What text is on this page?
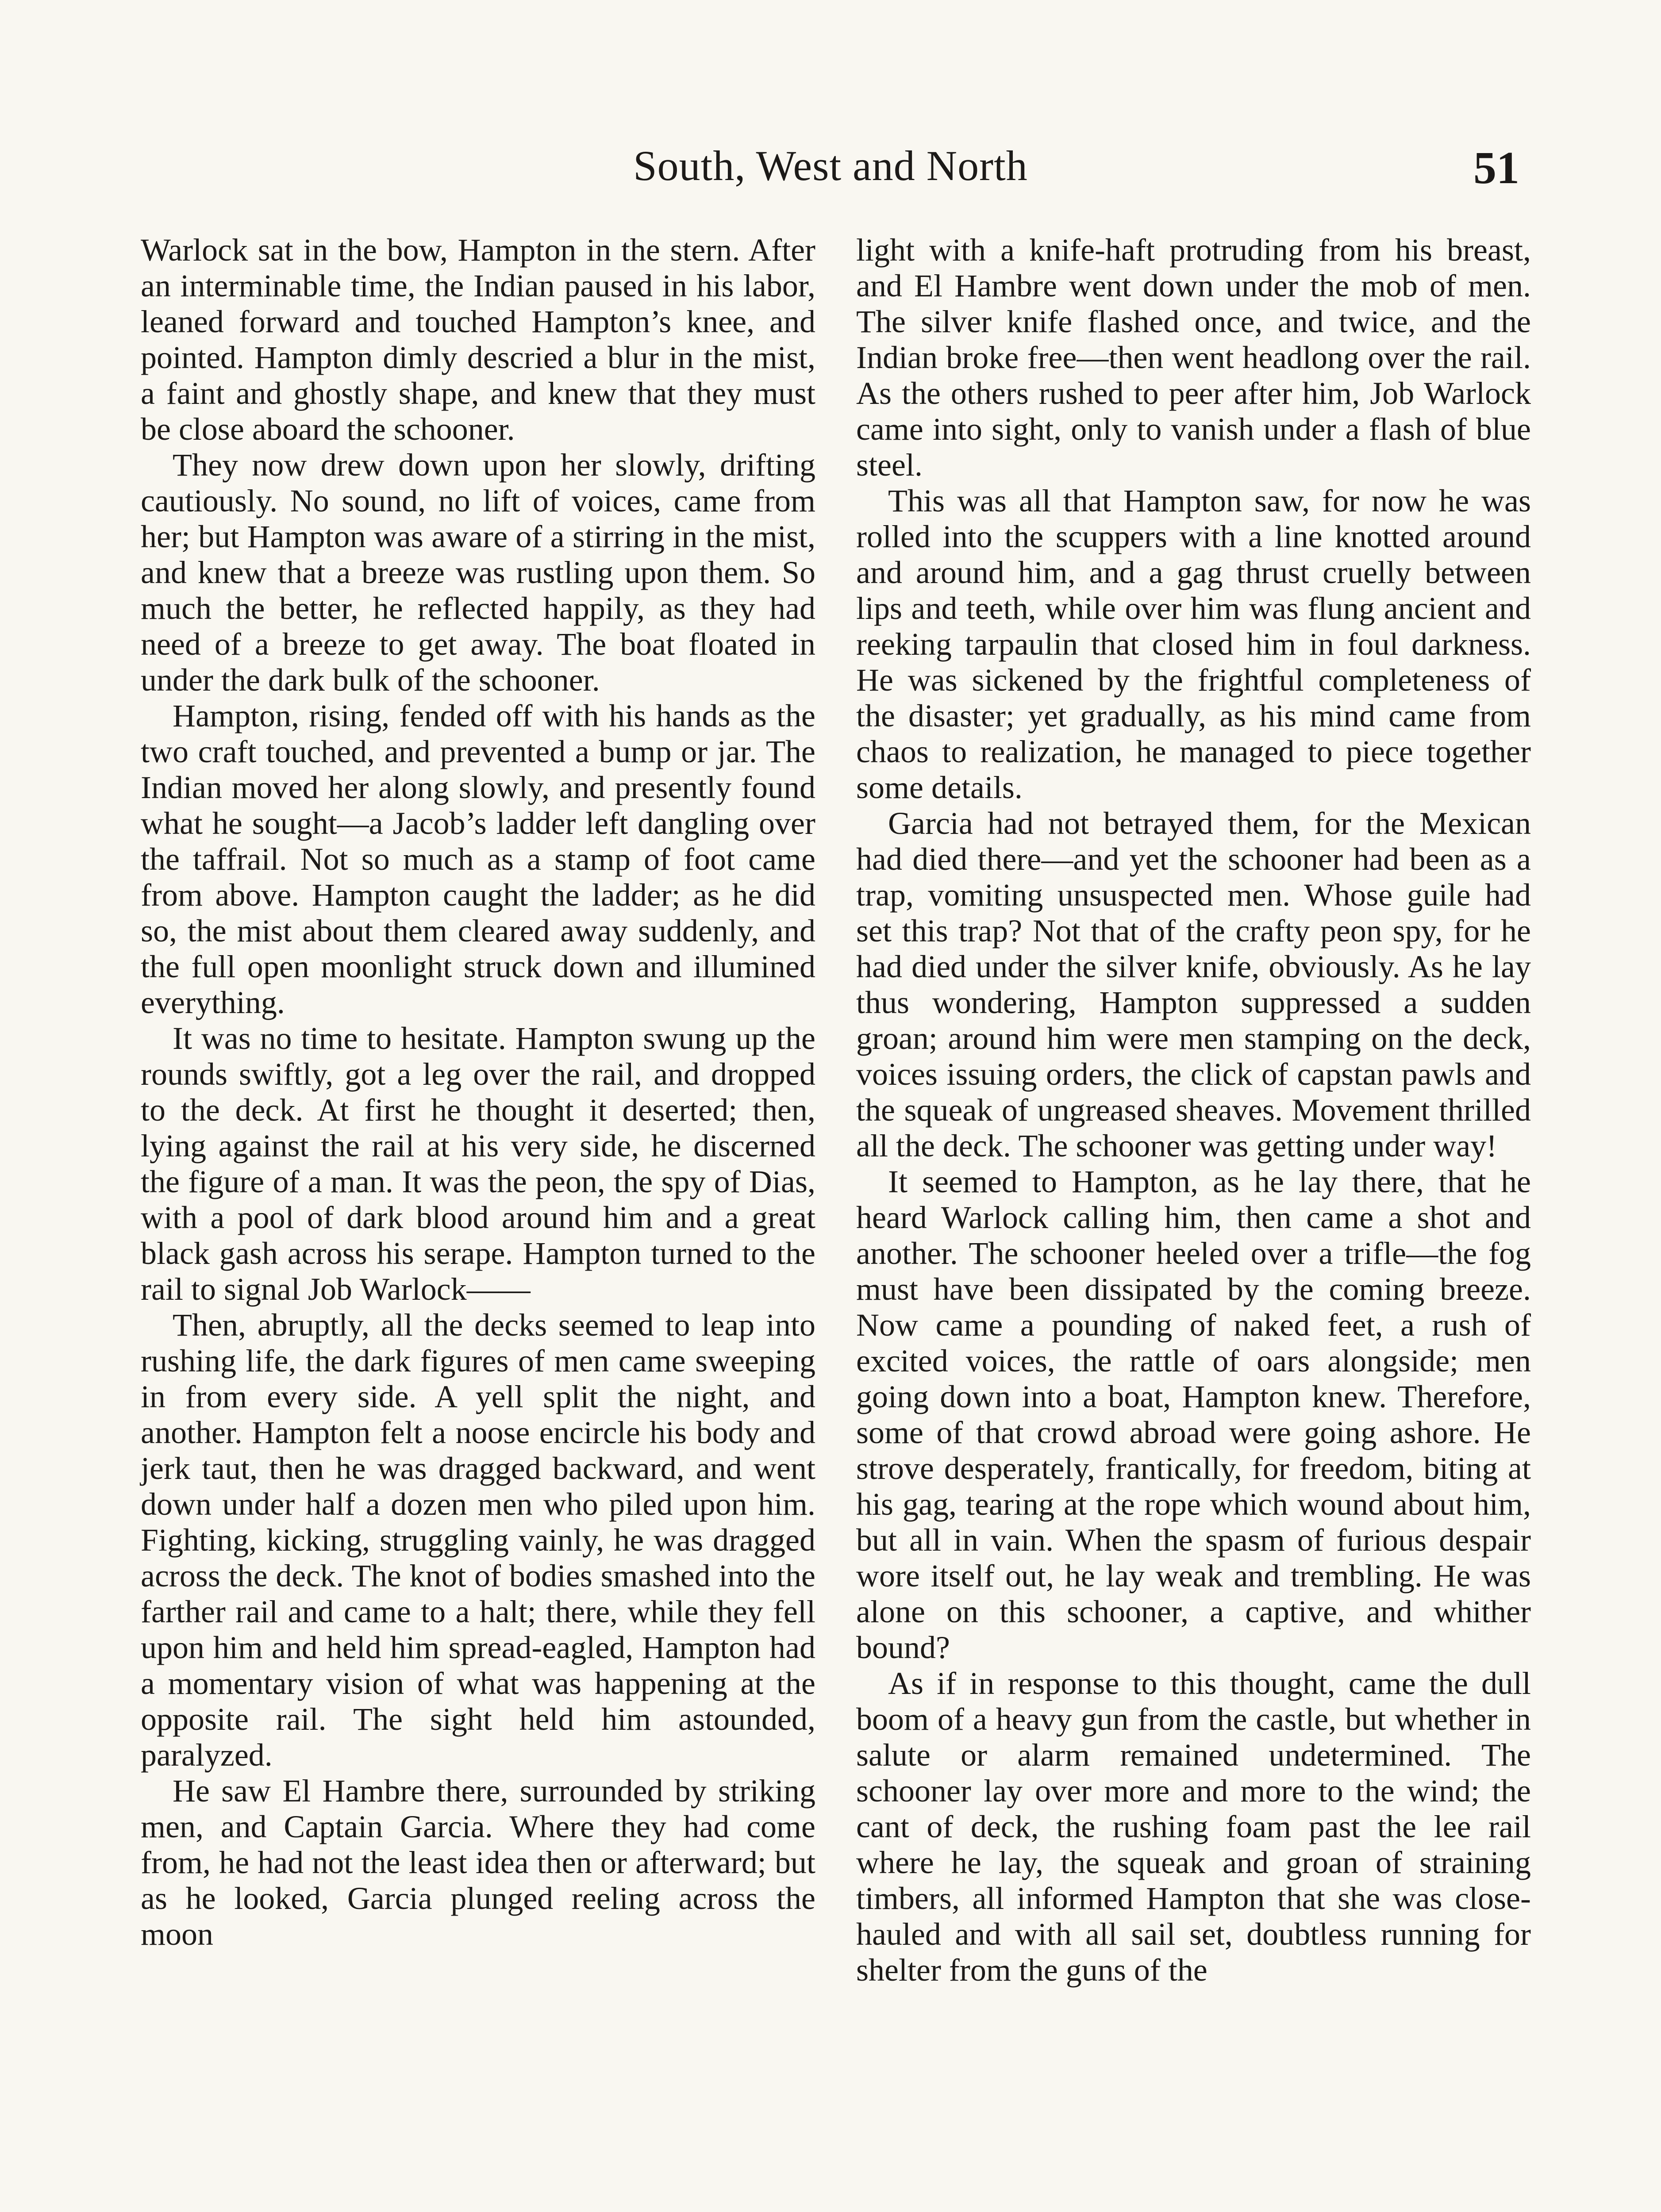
South, West and North	51

Warlock sat in the bow, Hampton in the stern. After an interminable time, the Indian paused in his labor, leaned forward and touched Hampton’s knee, and pointed. Hampton dimly descried a blur in the mist, a faint and ghostly shape, and knew that they must be close aboard the schooner.

They now drew down upon her slowly, drifting cautiously. No sound, no lift of voices, came from her; but Hampton was aware of a stirring in the mist, and knew that a breeze was rustling upon them. So much the better, he reflected happily, as they had need of a breeze to get away. The boat floated in under the dark bulk of the schooner.

Hampton, rising, fended off with his hands as the two craft touched, and prevented a bump or jar. The Indian moved her along slowly, and presently found what he sought—a Jacob’s ladder left dangling over the taffrail. Not so much as a stamp of foot came from above. Hampton caught the ladder; as he did so, the mist about them cleared away suddenly, and the full open moonlight struck down and illumined everything.

It was no time to hesitate. Hampton swung up the rounds swiftly, got a leg over the rail, and dropped to the deck. At first he thought it deserted; then, lying against the rail at his very side, he discerned the figure of a man. It was the peon, the spy of Dias, with a pool of dark blood around him and a great black gash across his serape. Hampton turned to the rail to signal Job Warlock——

Then, abruptly, all the decks seemed to leap into rushing life, the dark figures of men came sweeping in from every side. A yell split the night, and another. Hampton felt a noose encircle his body and jerk taut, then he was dragged backward, and went down under half a dozen men who piled upon him. Fighting, kicking, struggling vainly, he was dragged across the deck. The knot of bodies smashed into the farther rail and came to a halt; there, while they fell upon him and held him spread-eagled, Hampton had a momentary vision of what was happening at the opposite rail. The sight held him astounded, paralyzed.

He saw El Hambre there, surrounded by striking men, and Captain Garcia. Where they had come from, he had not the least idea then or afterward; but as he looked, Garcia plunged reeling across the moon

light with a knife-haft protruding from his breast, and El Hambre went down under the mob of men. The silver knife flashed once, and twice, and the Indian broke free—then went headlong over the rail. As the others rushed to peer after him, Job Warlock came into sight, only to vanish under a flash of blue steel.

This was all that Hampton saw, for now he was rolled into the scuppers with a line knotted around and around him, and a gag thrust cruelly between lips and teeth, while over him was flung ancient and reeking tarpaulin that closed him in foul darkness. He was sickened by the frightful completeness of the disaster; yet gradually, as his mind came from chaos to realization, he managed to piece together some details.

Garcia had not betrayed them, for the Mexican had died there—and yet the schooner had been as a trap, vomiting unsuspected men. Whose guile had set this trap? Not that of the crafty peon spy, for he had died under the silver knife, obviously. As he lay thus wondering, Hampton suppressed a sudden groan; around him were men stamping on the deck, voices issuing orders, the click of capstan pawls and the squeak of ungreased sheaves. Movement thrilled all the deck. The schooner was getting under way!

It seemed to Hampton, as he lay there, that he heard Warlock calling him, then came a shot and another. The schooner heeled over a trifle—the fog must have been dissipated by the coming breeze. Now came a pounding of naked feet, a rush of excited voices, the rattle of oars alongside; men going down into a boat, Hampton knew. Therefore, some of that crowd abroad were going ashore. He strove desperately, frantically, for freedom, biting at his gag, tearing at the rope which wound about him, but all in vain. When the spasm of furious despair wore itself out, he lay weak and trembling. He was alone on this schooner, a captive, and whither bound?

As if in response to this thought, came the dull boom of a heavy gun from the castle, but whether in salute or alarm remained undetermined. The schooner lay over more and more to the wind; the cant of deck, the rushing foam past the lee rail where he lay, the squeak and groan of straining timbers, all informed Hampton that she was closehauled and with all sail set, doubtless running for shelter from the guns of the
